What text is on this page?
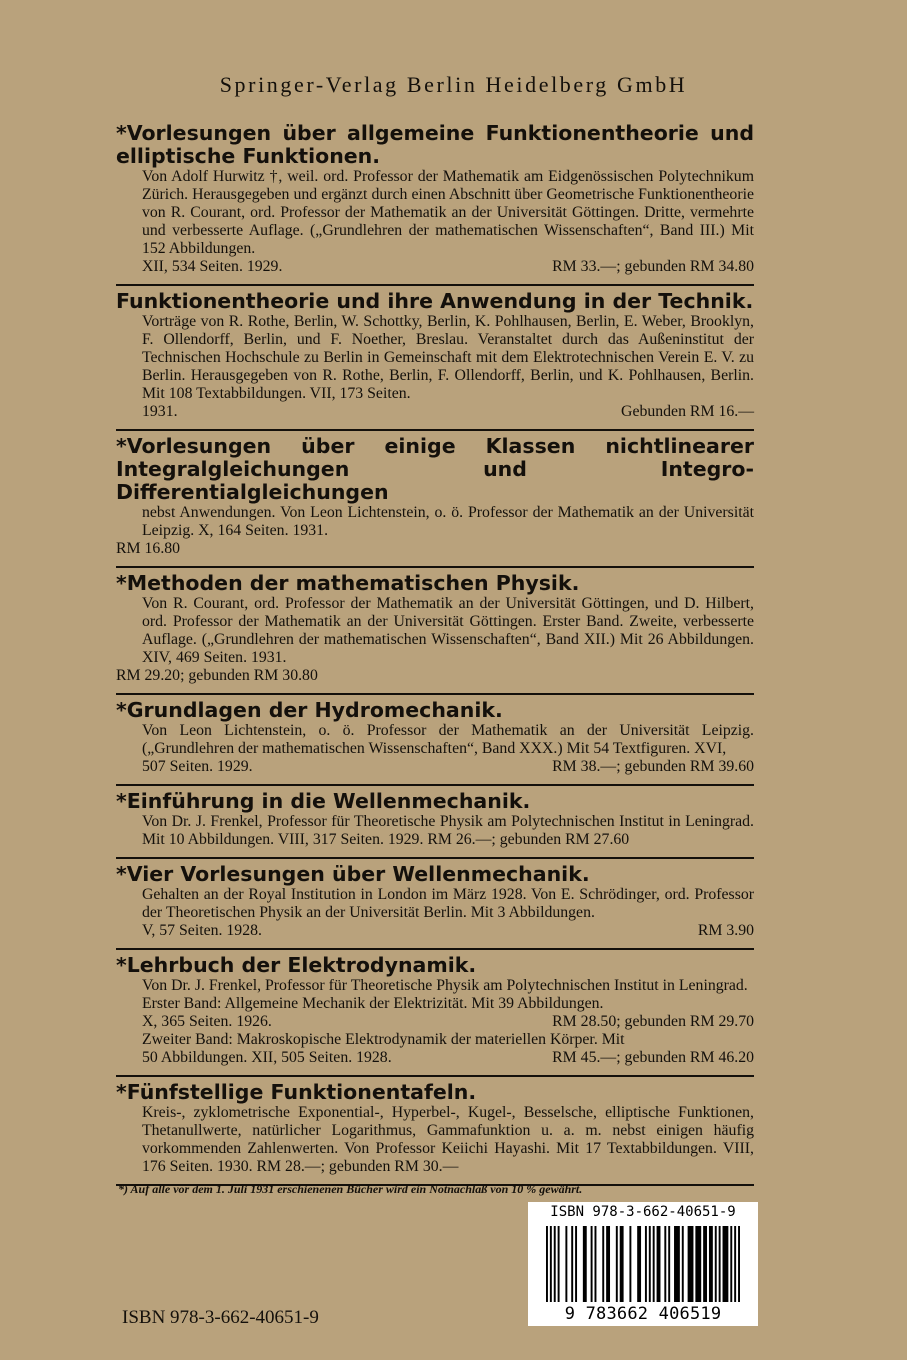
Springer-Verlag Berlin Heidelberg GmbH
*Vorlesungen über allgemeine Funktionentheorie und elliptische Funktionen.
Von Adolf Hurwitz †, weil. ord. Professor der Mathematik am Eidgenössischen Polytechnikum Zürich. Herausgegeben und ergänzt durch einen Abschnitt über Geometrische Funktionentheorie von R. Courant, ord. Professor der Mathematik an der Universität Göttingen. Dritte, vermehrte und verbesserte Auflage. („Grundlehren der mathematischen Wissenschaften“, Band III.) Mit 152 Abbildungen.
XII, 534 Seiten. 1929.	RM 33.—; gebunden RM 34.80
Funktionentheorie und ihre Anwendung in der Technik.
Vorträge von R. Rothe, Berlin, W. Schottky, Berlin, K. Pohlhausen, Berlin, E. Weber, Brooklyn, F. Ollendorff, Berlin, und F. Noether, Breslau. Veranstaltet durch das Außeninstitut der Technischen Hochschule zu Berlin in Gemeinschaft mit dem Elektrotechnischen Verein E. V. zu Berlin. Herausgegeben von R. Rothe, Berlin, F. Ollendorff, Berlin, und K. Pohlhausen, Berlin. Mit 108 Textabbildungen. VII, 173 Seiten.
1931.	Gebunden RM 16.—
*Vorlesungen über einige Klassen nichtlinearer Integralgleichungen und Integro-Differentialgleichungen
nebst Anwendungen. Von Leon Lichtenstein, o. ö. Professor der Mathematik an der Universität Leipzig. X, 164 Seiten. 1931.
RM 16.80
*Methoden der mathematischen Physik.
Von R. Courant, ord. Professor der Mathematik an der Universität Göttingen, und D. Hilbert, ord. Professor der Mathematik an der Universität Göttingen. Erster Band. Zweite, verbesserte Auflage. („Grundlehren der mathematischen Wissenschaften“, Band XII.) Mit 26 Abbildungen. XIV, 469 Seiten. 1931.
RM 29.20; gebunden RM 30.80
*Grundlagen der Hydromechanik.
Von Leon Lichtenstein, o. ö. Professor der Mathematik an der Universität Leipzig. („Grundlehren der mathematischen Wissenschaften“, Band XXX.) Mit 54 Textfiguren. XVI,
507 Seiten. 1929.	RM 38.—; gebunden RM 39.60
*Einführung in die Wellenmechanik.
Von Dr. J. Frenkel, Professor für Theoretische Physik am Polytechnischen Institut in Leningrad. Mit 10 Abbildungen. VIII, 317 Seiten. 1929. RM 26.—; gebunden RM 27.60
*Vier Vorlesungen über Wellenmechanik.
Gehalten an der Royal Institution in London im März 1928. Von E. Schrödinger, ord. Professor der Theoretischen Physik an der Universität Berlin. Mit 3 Abbildungen.
V, 57 Seiten. 1928.	RM 3.90
*Lehrbuch der Elektrodynamik.
Von Dr. J. Frenkel, Professor für Theoretische Physik am Polytechnischen Institut in Leningrad.
Erster Band: Allgemeine Mechanik der Elektrizität. Mit 39 Abbildungen.
X, 365 Seiten. 1926.	RM 28.50; gebunden RM 29.70
Zweiter Band: Makroskopische Elektrodynamik der materiellen Körper. Mit
50 Abbildungen. XII, 505 Seiten. 1928.	RM 45.—; gebunden RM 46.20
*Fünfstellige Funktionentafeln.
Kreis-, zyklometrische Exponential-, Hyperbel-, Kugel-, Besselsche, elliptische Funktionen, Thetanullwerte, natürlicher Logarithmus, Gammafunktion u. a. m. nebst einigen häufig vorkommenden Zahlenwerten. Von Professor Keiichi Hayashi. Mit 17 Textabbildungen. VIII, 176 Seiten. 1930. RM 28.—; gebunden RM 30.—
*) Auf alle vor dem 1. Juli 1931 erschienenen Bücher wird ein Notnachlaß von 10 % gewährt.
ISBN 978-3-662-40651-9
9 783662 406519
ISBN 978-3-662-40651-9
